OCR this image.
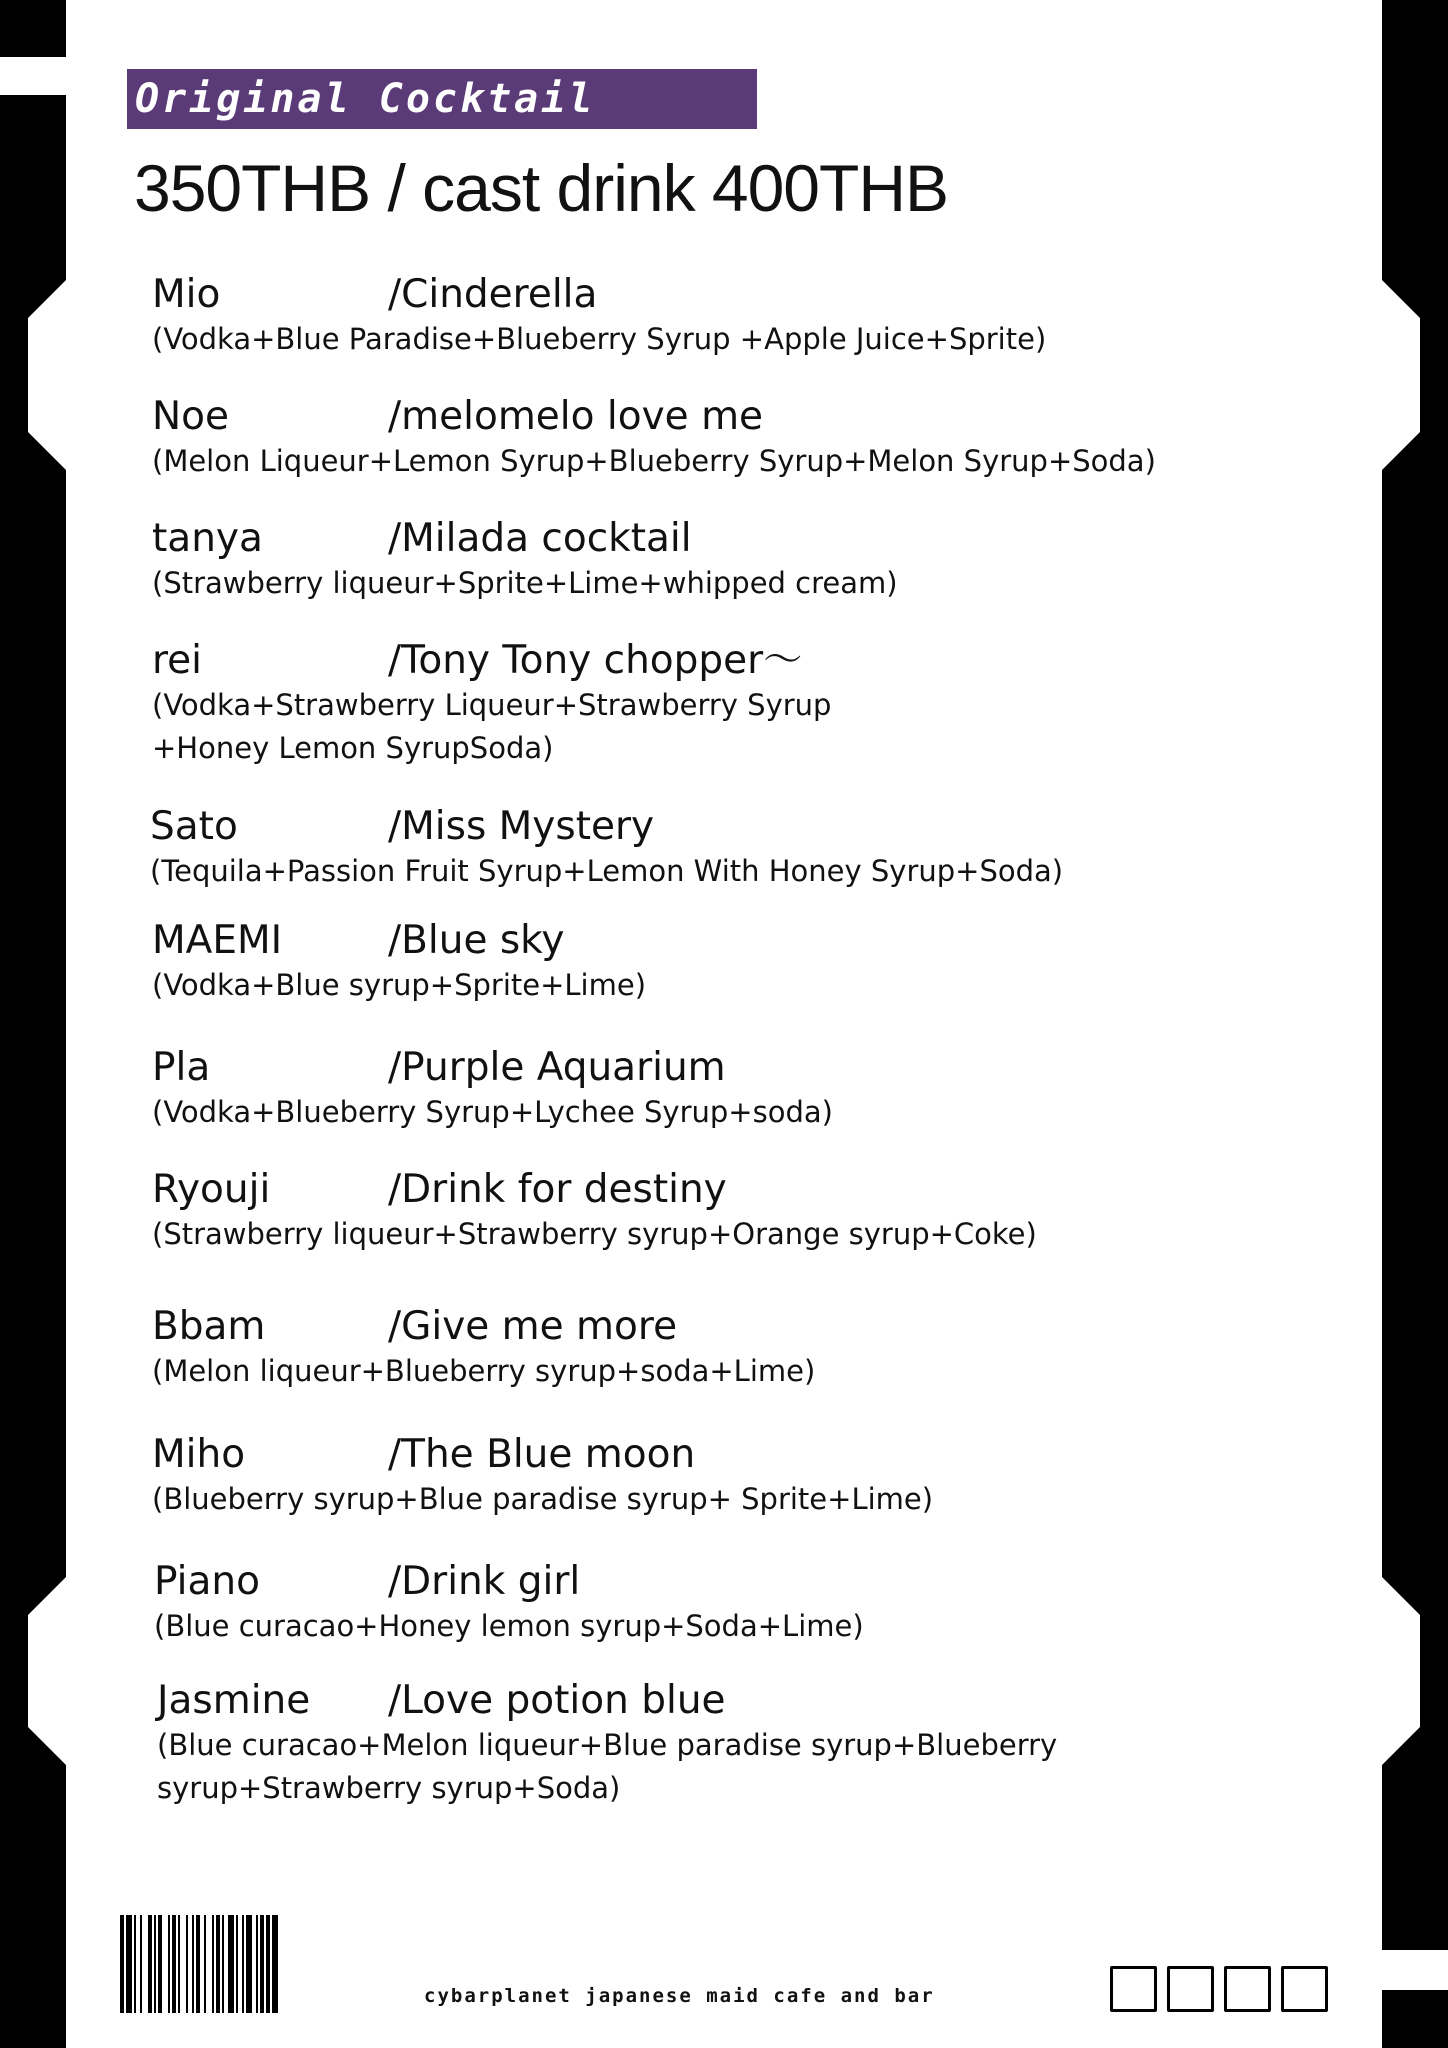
Original Cocktail
350THB / cast drink 400THB
Mio	/Cinderella
(Vodka+Blue Paradise+Blueberry Syrup +Apple Juice+Sprite)
Noe	/melomelo love me
(Melon Liqueur+Lemon Syrup+Blueberry Syrup+Melon Syrup+Soda)
tanya	/Milada cocktail
(Strawberry liqueur+Sprite+Lime+whipped cream)
rei	/Tony Tony chopper～
(Vodka+Strawberry Liqueur+Strawberry Syrup +Honey Lemon SyrupSoda)
Sato	/Miss Mystery
(Tequila+Passion Fruit Syrup+Lemon With Honey Syrup+Soda)
MAEMI	/Blue sky
(Vodka+Blue syrup+Sprite+Lime)
Pla	/Purple Aquarium
(Vodka+Blueberry Syrup+Lychee Syrup+soda)
Ryouji	/Drink for destiny
(Strawberry liqueur+Strawberry syrup+Orange syrup+Coke)
Bbam	/Give me more
(Melon liqueur+Blueberry syrup+soda+Lime)
Miho	/The Blue moon
(Blueberry syrup+Blue paradise syrup+ Sprite+Lime)
Piano	/Drink girl
(Blue curacao+Honey lemon syrup+Soda+Lime)
Jasmine /Love potion blue
(Blue curacao+Melon liqueur+Blue paradise syrup+Blueberry syrup+Strawberry syrup+Soda)
cybarplanet japanese maid cafe and bar
